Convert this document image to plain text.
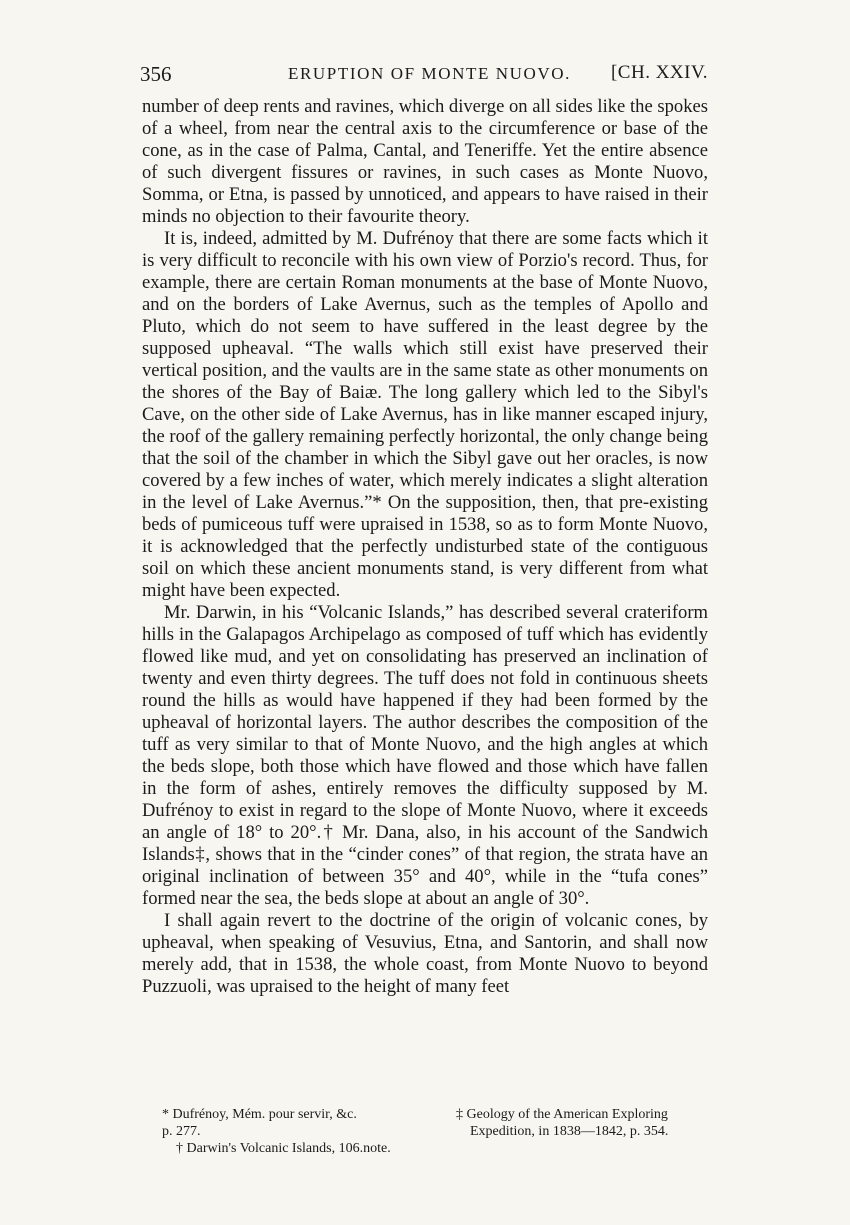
356	ERUPTION OF MONTE NUOVO. [CH. XXIV.

number of deep rents and ravines, which diverge on all sides like the spokes of a wheel, from near the central axis to the circumference or base of the cone, as in the case of Palma, Cantal, and Teneriffe. Yet the entire absence of such divergent fissures or ravines, in such cases as Monte Nuovo, Somma, or Etna, is passed by unnoticed, and appears to have raised in their minds no objection to their favourite theory.

It is, indeed, admitted by M. Dufrénoy that there are some facts which it is very difficult to reconcile with his own view of Porzio's record. Thus, for example, there are certain Roman monuments at the base of Monte Nuovo, and on the borders of Lake Avernus, such as the temples of Apollo and Pluto, which do not seem to have suffered in the least degree by the supposed upheaval. “The walls which still exist have preserved their vertical position, and the vaults are in the same state as other monuments on the shores of the Bay of Baiæ. The long gallery which led to the Sibyl's Cave, on the other side of Lake Avernus, has in like manner escaped injury, the roof of the gallery remaining perfectly horizontal, the only change being that the soil of the chamber in which the Sibyl gave out her oracles, is now covered by a few inches of water, which merely indicates a slight alteration in the level of Lake Avernus.”* On the supposition, then, that pre-existing beds of pumiceous tuff were upraised in 1538, so as to form Monte Nuovo, it is acknowledged that the perfectly undisturbed state of the contiguous soil on which these ancient monuments stand, is very different from what might have been expected.

Mr. Darwin, in his “Volcanic Islands,” has described several crateriform hills in the Galapagos Archipelago as composed of tuff which has evidently flowed like mud, and yet on consolidating has preserved an inclination of twenty and even thirty degrees. The tuff does not fold in continuous sheets round the hills as would have happened if they had been formed by the upheaval of horizontal layers. The author describes the composition of the tuff as very similar to that of Monte Nuovo, and the high angles at which the beds slope, both those which have flowed and those which have fallen in the form of ashes, entirely removes the difficulty supposed by M. Dufrénoy to exist in regard to the slope of Monte Nuovo, where it exceeds an angle of 18° to 20°.† Mr. Dana, also, in his account of the Sandwich Islands‡, shows that in the “cinder cones” of that region, the strata have an original inclination of between 35° and 40°, while in the “tufa cones” formed near the sea, the beds slope at about an angle of 30°.

I shall again revert to the doctrine of the origin of volcanic cones, by upheaval, when speaking of Vesuvius, Etna, and Santorin, and shall now merely add, that in 1538, the whole coast, from Monte Nuovo to beyond Puzzuoli, was upraised to the height of many feet

* Dufrénoy, Mém. pour servir, &c.
p. 277.
† Darwin's Volcanic Islands, 106.note.
‡ Geology of the American Exploring
Expedition, in 1838—1842, p. 354.
